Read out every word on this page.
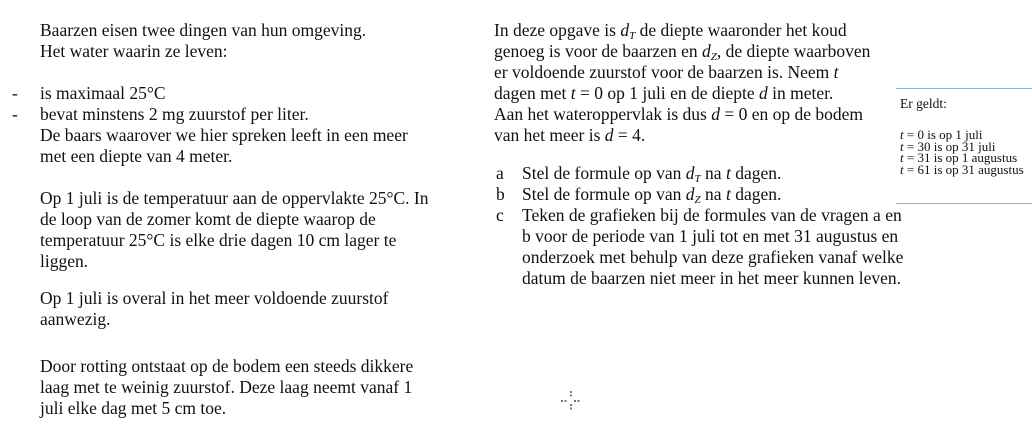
Baarzen eisen twee dingen van hun omgeving.
Het water waarin ze leven:
- is maximaal 25°C
- bevat minstens 2 mg zuurstof per liter.
De baars waarover we hier spreken leeft in een meer
met een diepte van 4 meter.
Op 1 juli is de temperatuur aan de oppervlakte 25°C. In
de loop van de zomer komt de diepte waarop de
temperatuur 25°C is elke drie dagen 10 cm lager te
liggen.
Op 1 juli is overal in het meer voldoende zuurstof
aanwezig.
Door rotting ontstaat op de bodem een steeds dikkere
laag met te weinig zuurstof. Deze laag neemt vanaf 1
juli elke dag met 5 cm toe.
In deze opgave is $d_T$ de diepte waaronder het koud
genoeg is voor de baarzen en $d_Z$, de diepte waarboven
er voldoende zuurstof voor de baarzen is. Neem t
dagen met t = 0 op 1 juli en de diepte d in meter.
Aan het wateroppervlak is dus d = 0 en op de bodem
van het meer is d = 4.
a Stel de formule op van $d_T$ na t dagen.
b Stel de formule op van $d_Z$ na t dagen.
c Teken de grafieken bij de formules van de vragen a en
b voor de periode van 1 juli tot en met 31 augustus en
onderzoek met behulp van deze grafieken vanaf welke
datum de baarzen niet meer in het meer kunnen leven.
Er geldt:
t = 0 is op 1 juli
t = 30 is op 31 juli
t = 31 is op 1 augustus
t = 61 is op 31 augustus
